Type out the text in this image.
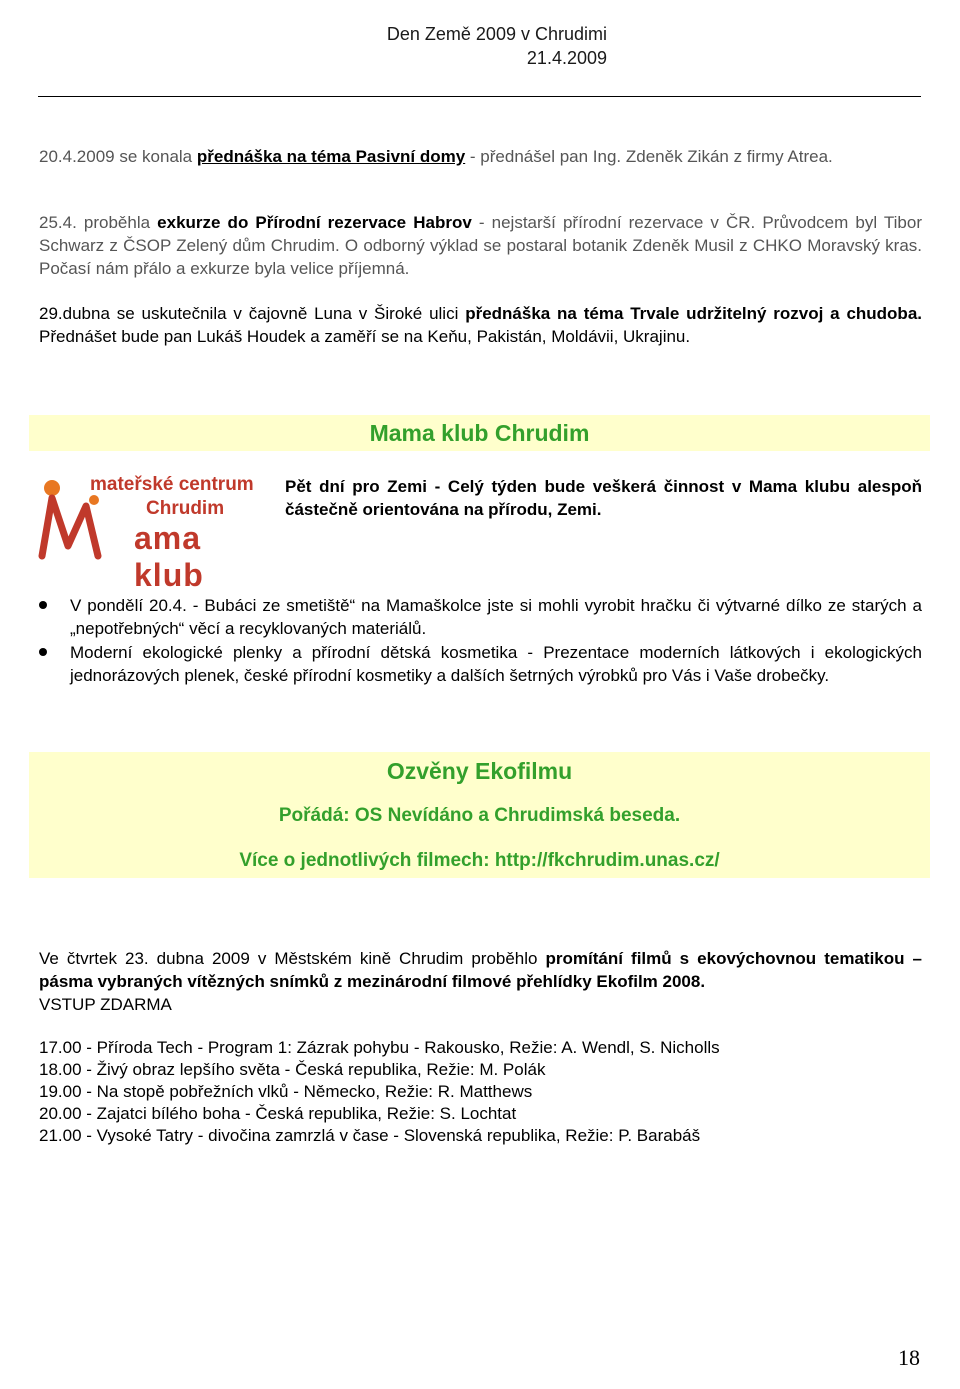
Den Země 2009 v Chrudimi
21.4.2009
20.4.2009 se konala přednáška na téma Pasivní domy - přednášel pan Ing. Zdeněk Zikán z firmy Atrea.
25.4. proběhla exkurze do Přírodní rezervace Habrov - nejstarší přírodní rezervace v ČR. Průvodcem byl Tibor Schwarz z ČSOP Zelený dům Chrudim. O odborný výklad se postaral botanik Zdeněk Musil z CHKO Moravský kras. Počasí nám přálo a exkurze byla velice příjemná.
29.dubna se uskutečnila v čajovně Luna v Široké ulici přednáška na téma Trvale udržitelný rozvoj a chudoba. Přednášet bude pan Lukáš Houdek a zaměří se na Keňu, Pakistán, Moldávii, Ukrajinu.
Mama klub Chrudim
mateřské centrum
Chrudim
ama klub
Pět dní pro Zemi - Celý týden bude veškerá činnost v Mama klubu alespoň částečně orientována na přírodu, Zemi.
V pondělí 20.4. - Bubáci ze smetiště“ na Mamaškolce jste si mohli vyrobit hračku či výtvarné dílko ze starých a „nepotřebných“ věcí a recyklovaných materiálů.
Moderní ekologické plenky a přírodní dětská kosmetika - Prezentace moderních látkových i ekologických jednorázových plenek, české přírodní kosmetiky a dalších šetrných výrobků pro Vás i Vaše drobečky.
Ozvěny Ekofilmu
Pořádá: OS Nevídáno a Chrudimská beseda.
Více o jednotlivých filmech: http://fkchrudim.unas.cz/
Ve čtvrtek 23. dubna 2009 v Městském kině Chrudim proběhlo promítání filmů s ekovýchovnou tematikou – pásma vybraných vítězných snímků z mezinárodní filmové přehlídky Ekofilm 2008.
VSTUP ZDARMA
17.00 - Příroda Tech - Program 1: Zázrak pohybu - Rakousko, Režie: A. Wendl, S. Nicholls
18.00 - Živý obraz lepšího světa - Česká republika, Režie: M. Polák
19.00 - Na stopě pobřežních vlků - Německo, Režie: R. Matthews
20.00 - Zajatci bílého boha - Česká republika, Režie: S. Lochtat
21.00 - Vysoké Tatry - divočina zamrzlá v čase - Slovenská republika, Režie: P. Barabáš
18
